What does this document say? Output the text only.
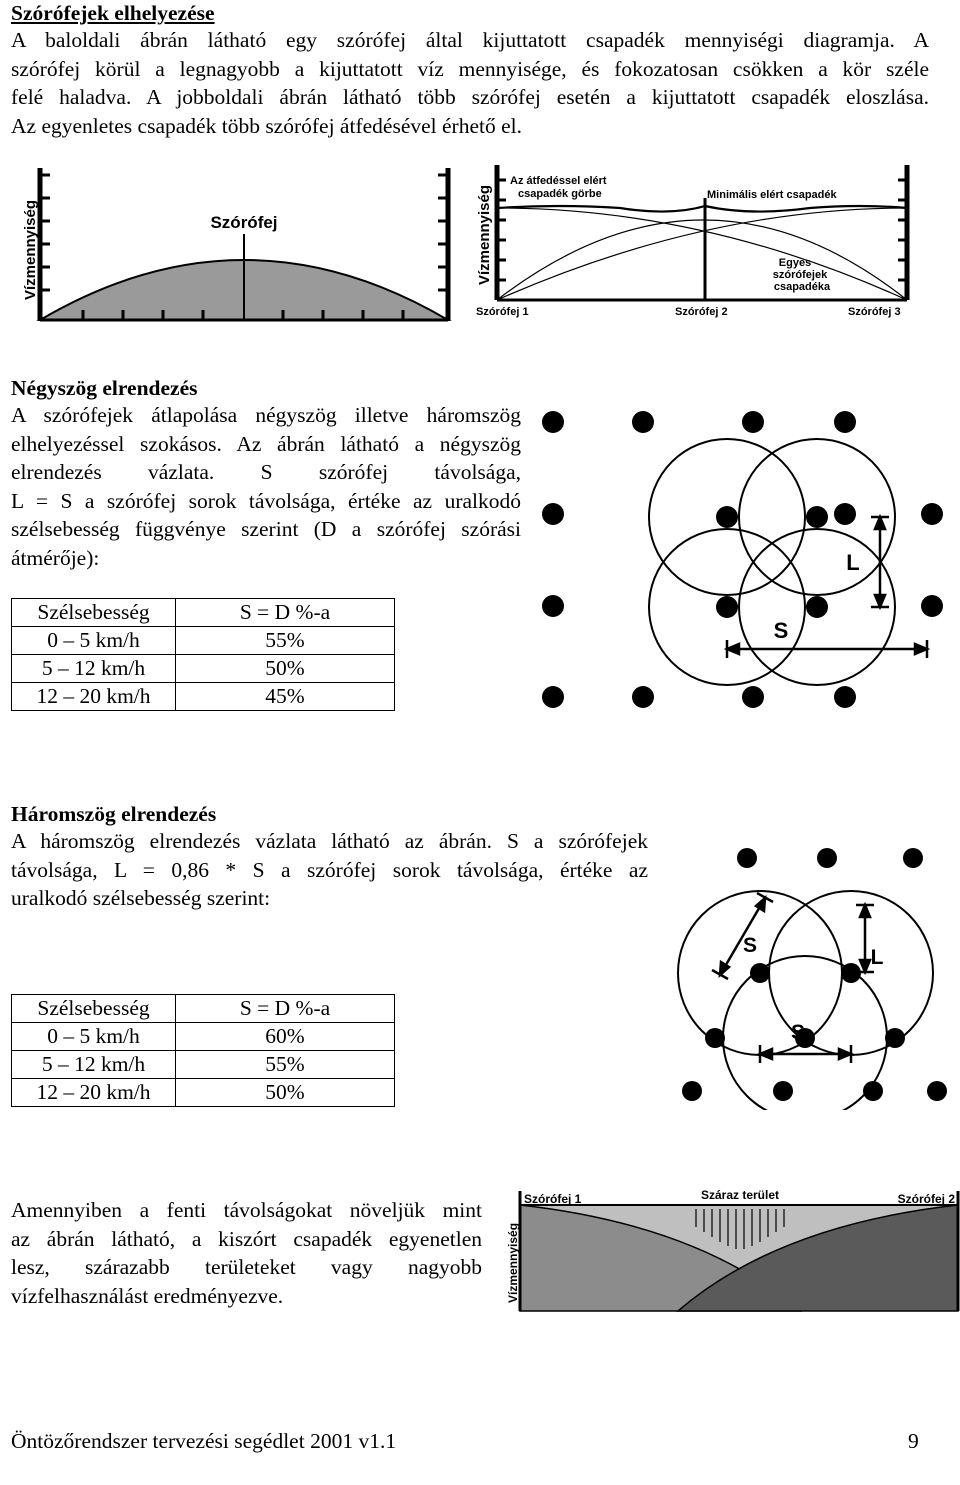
Szórófejek elhelyezése
A baloldali ábrán látható egy szórófej által kijuttatott csapadék mennyiségi diagramja. A
szórófej körül a legnagyobb a kijuttatott víz mennyisége, és fokozatosan csökken a kör széle
felé haladva. A jobboldali ábrán látható több szórófej esetén a kijuttatott csapadék eloszlása.
Az egyenletes csapadék több szórófej átfedésével érhető el.
Vízmennyiség	Szórófej	Vízmennyiség
Az átfedéssel elért
csapadék görbe	Minimális elért csapadék
Egyes
szórófejek
csapadéka
Szórófej 1	Szórófej 2	Szórófej 3
Négyszög elrendezés
A szórófejek átlapolása négyszög illetve háromszög
elhelyezéssel szokásos. Az ábrán látható a négyszög
elrendezés vázlata. S szórófej távolsága,
L = S a szórófej sorok távolsága, értéke az uralkodó
szélsebesség függvénye szerint (D a szórófej szórási
átmérője):
Szélsebesség	S = D %-a
0 – 5 km/h	55%
5 – 12 km/h	50%
12 – 20 km/h	45%
S
L
Háromszög elrendezés
A háromszög elrendezés vázlata látható az ábrán. S a szórófejek
távolsága, L = 0,86 * S a szórófej sorok távolsága, értéke az
uralkodó szélsebesség szerint:
Szélsebesség	S = D %-a
0 – 5 km/h	60%
5 – 12 km/h	55%
12 – 20 km/h	50%
S
L
S
Amennyiben a fenti távolságokat növeljük mint
az ábrán látható, a kiszórt csapadék egyenetlen
lesz, szárazabb területeket vagy nagyobb
vízfelhasználást eredményezve.	Vízmennyiség
Szórófej 1	Száraz terület	Szórófej 2
Öntözőrendszer tervezési segédlet 2001 v1.1	9
